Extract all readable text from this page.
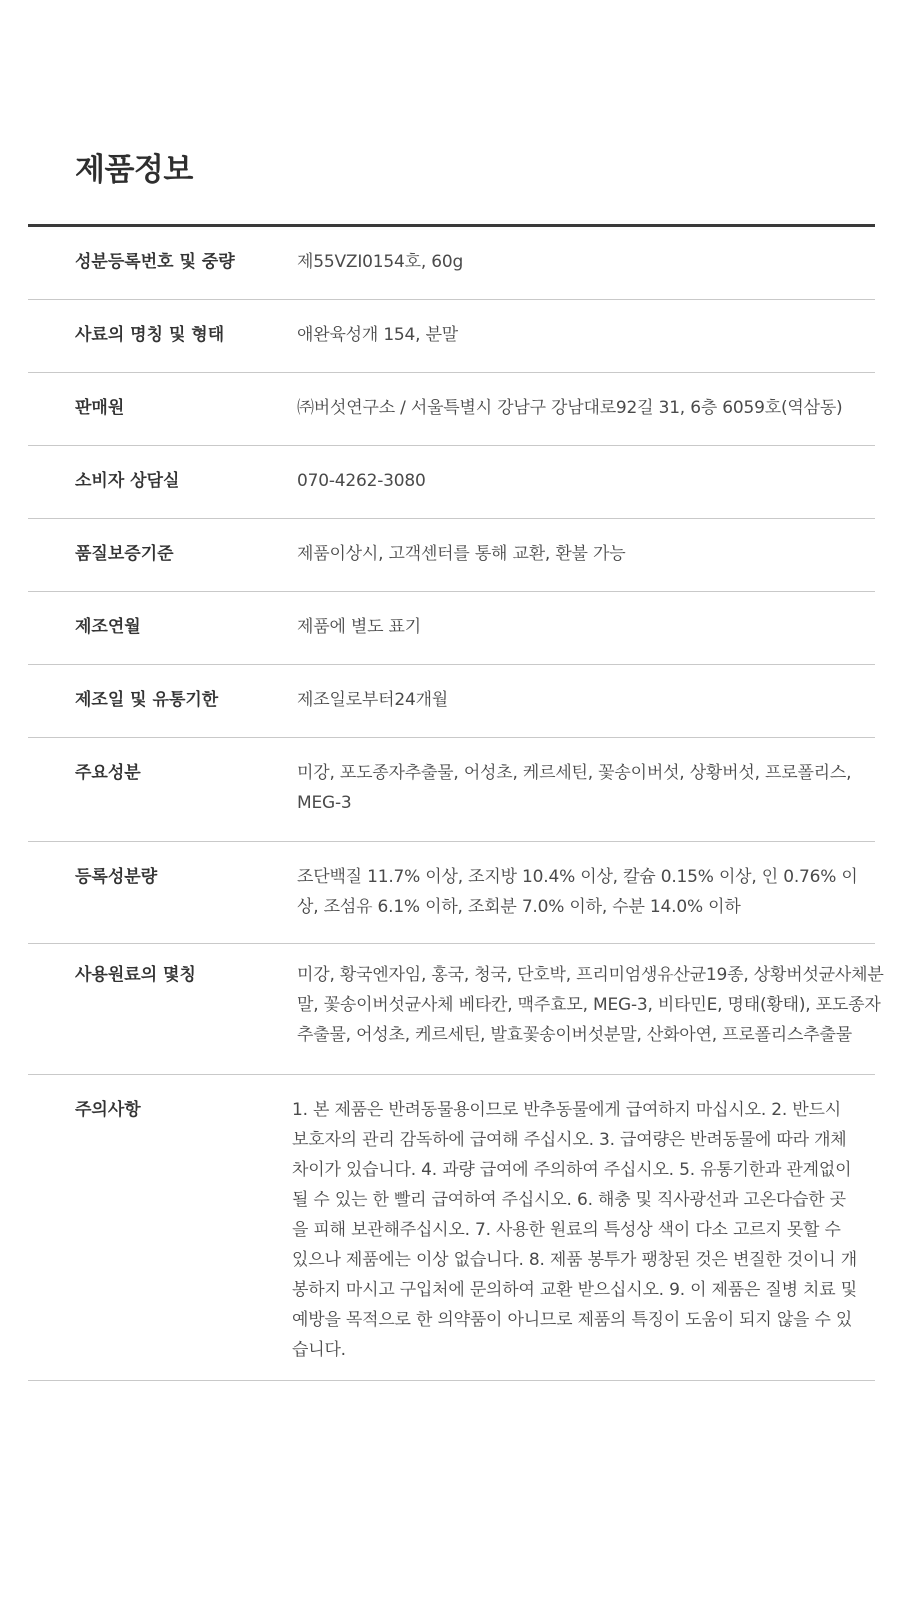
제품정보
성분등록번호 및 중량	제55VZI0154호, 60g
사료의 명칭 및 형태	애완육성개 154, 분말
판매원	㈜버섯연구소 / 서울특별시 강남구 강남대로92길 31, 6층 6059호(역삼동)
소비자 상담실	070-4262-3080
품질보증기준	제품이상시, 고객센터를 통해 교환, 환불 가능
제조연월	제품에 별도 표기
제조일 및 유통기한	제조일로부터24개월
주요성분	미강, 포도종자추출물, 어성초, 케르세틴, 꽃송이버섯, 상황버섯, 프로폴리스, MEG-3
등록성분량	조단백질 11.7% 이상, 조지방 10.4% 이상, 칼슘 0.15% 이상, 인 0.76% 이상, 조섬유 6.1% 이하, 조회분 7.0% 이하, 수분 14.0% 이하
사용원료의 몇칭	미강, 황국엔자임, 홍국, 청국, 단호박, 프리미엄생유산균19종, 상황버섯균사체분말, 꽃송이버섯균사체 베타칸, 맥주효모, MEG-3, 비타민E, 명태(황태), 포도종자추출물, 어성초, 케르세틴, 발효꽃송이버섯분말, 산화아연, 프로폴리스추출물
주의사항	1. 본 제품은 반려동물용이므로 반추동물에게 급여하지 마십시오. 2. 반드시 보호자의 관리 감독하에 급여해 주십시오. 3. 급여량은 반려동물에 따라 개체 차이가 있습니다. 4. 과량 급여에 주의하여 주십시오. 5. 유통기한과 관계없이 될 수 있는 한 빨리 급여하여 주십시오. 6. 해충 및 직사광선과 고온다습한 곳을 피해 보관해주십시오. 7. 사용한 원료의 특성상 색이 다소 고르지 못할 수 있으나 제품에는 이상 없습니다. 8. 제품 봉투가 팽창된 것은 변질한 것이니 개봉하지 마시고 구입처에 문의하여 교환 받으십시오. 9. 이 제품은 질병 치료 및 예방을 목적으로 한 의약품이 아니므로 제품의 특징이 도움이 되지 않을 수 있습니다.
